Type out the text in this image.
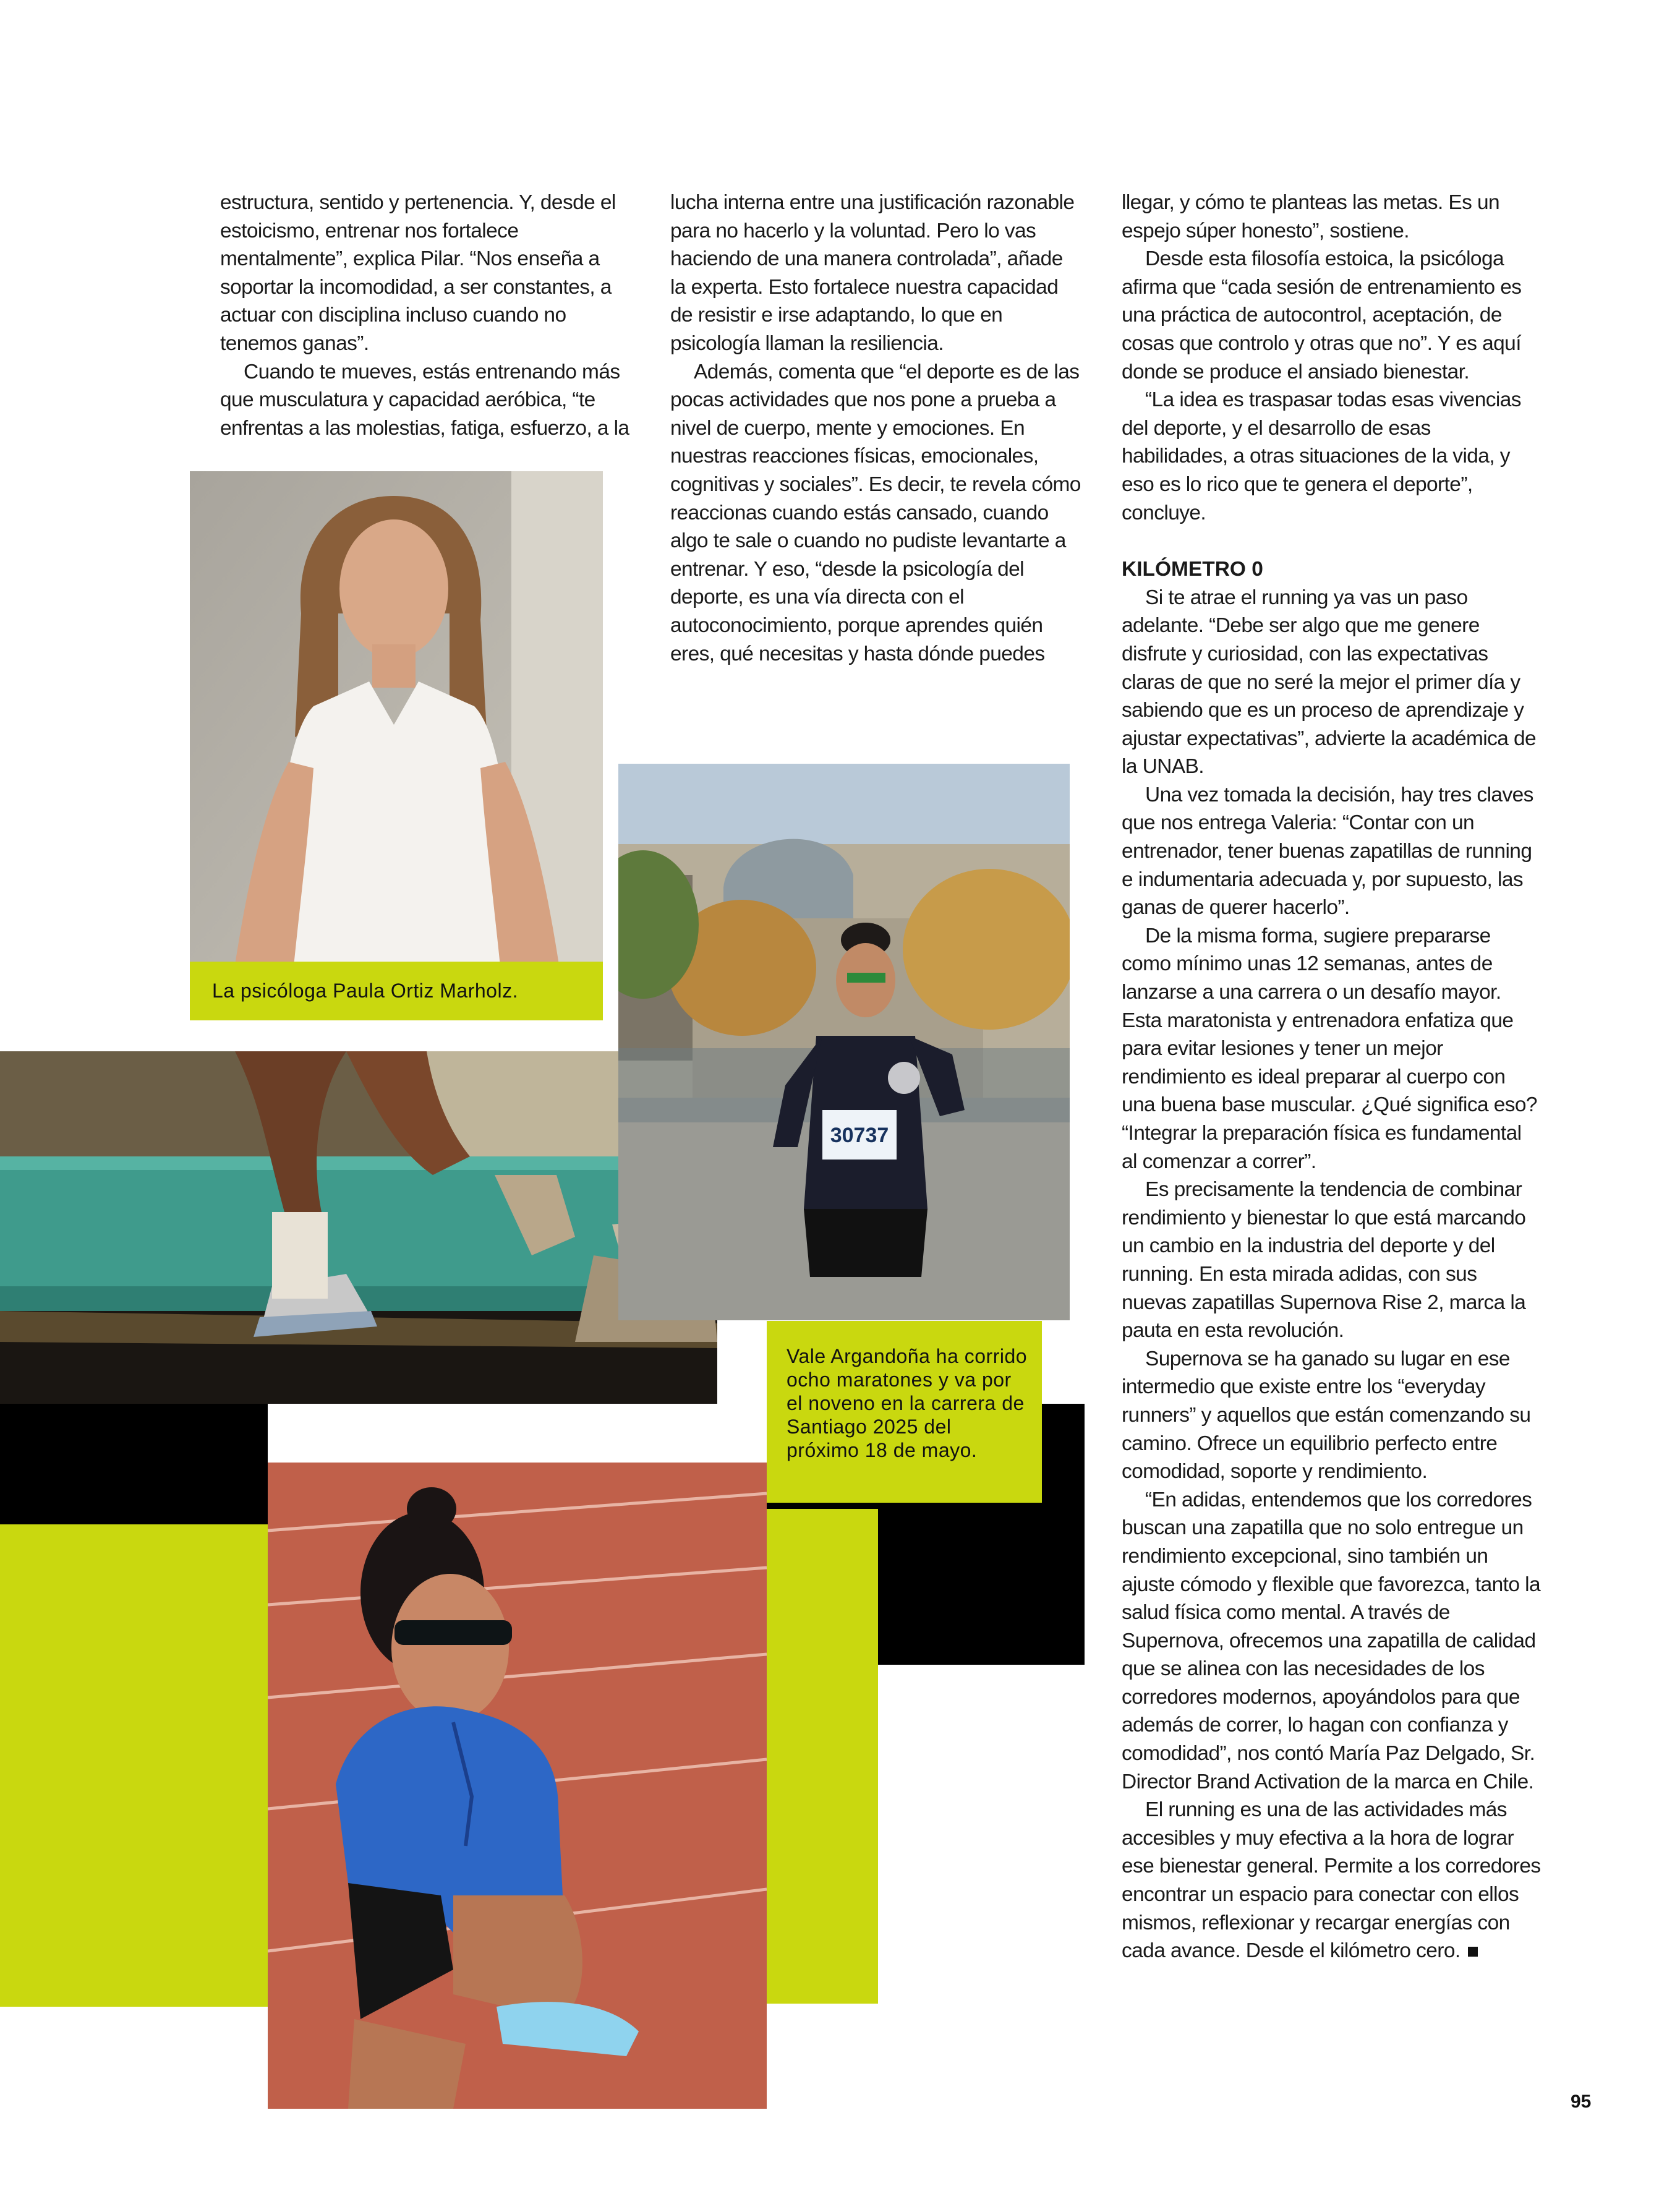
estructura, sentido y pertenencia. Y, desde el estoicismo, entrenar nos fortalece mentalmente”, explica Pilar. “Nos enseña a soportar la incomodidad, a ser constantes, a actuar con disciplina incluso cuando no tenemos ganas”.

Cuando te mueves, estás entrenando más que musculatura y capacidad aeróbica, “te enfrentas a las molestias, fatiga, esfuerzo, a la

lucha interna entre una justificación razonable para no hacerlo y la voluntad. Pero lo vas haciendo de una manera controlada”, añade la experta. Esto fortalece nuestra capacidad de resistir e irse adaptando, lo que en psicología llaman la resiliencia.

Además, comenta que “el deporte es de las pocas actividades que nos pone a prueba a nivel de cuerpo, mente y emociones. En nuestras reacciones físicas, emocionales, cognitivas y sociales”. Es decir, te revela cómo reaccionas cuando estás cansado, cuando algo te sale o cuando no pudiste levantarte a entrenar. Y eso, “desde la psicología del deporte, es una vía directa con el autoconocimiento, porque aprendes quién eres, qué necesitas y hasta dónde puedes

llegar, y cómo te planteas las metas. Es un espejo súper honesto”, sostiene.

Desde esta filosofía estoica, la psicóloga afirma que “cada sesión de entrenamiento es una práctica de autocontrol, aceptación, de cosas que controlo y otras que no”. Y es aquí donde se produce el ansiado bienestar.

“La idea es traspasar todas esas vivencias del deporte, y el desarrollo de esas habilidades, a otras situaciones de la vida, y eso es lo rico que te genera el deporte”, concluye.

KILÓMETRO 0

Si te atrae el running ya vas un paso adelante. “Debe ser algo que me genere disfrute y curiosidad, con las expectativas claras de que no seré la mejor el primer día y sabiendo que es un proceso de aprendizaje y ajustar expectativas”, advierte la académica de la UNAB.

Una vez tomada la decisión, hay tres claves que nos entrega Valeria: “Contar con un entrenador, tener buenas zapatillas de running e indumentaria adecuada y, por supuesto, las ganas de querer hacerlo”.

De la misma forma, sugiere prepararse como mínimo unas 12 semanas, antes de lanzarse a una carrera o un desafío mayor. Esta maratonista y entrenadora enfatiza que para evitar lesiones y tener un mejor rendimiento es ideal preparar al cuerpo con una buena base muscular. ¿Qué significa eso? “Integrar la preparación física es fundamental al comenzar a correr”.

Es precisamente la tendencia de combinar rendimiento y bienestar lo que está marcando un cambio en la industria del deporte y del running. En esta mirada adidas, con sus nuevas zapatillas Supernova Rise 2, marca la pauta en esta revolución.

Supernova se ha ganado su lugar en ese intermedio que existe entre los “everyday runners” y aquellos que están comenzando su camino. Ofrece un equilibrio perfecto entre comodidad, soporte y rendimiento.

“En adidas, entendemos que los corredores buscan una zapatilla que no solo entregue un rendimiento excepcional, sino también un ajuste cómodo y flexible que favorezca, tanto la salud física como mental. A través de Supernova, ofrecemos una zapatilla de calidad que se alinea con las necesidades de los corredores modernos, apoyándolos para que además de correr, lo hagan con confianza y comodidad”, nos contó María Paz Delgado, Sr. Director Brand Activation de la marca en Chile.

El running es una de las actividades más accesibles y muy efectiva a la hora de lograr ese bienestar general. Permite a los corredores encontrar un espacio para conectar con ellos mismos, reflexionar y recargar energías con cada avance. Desde el kilómetro cero.

La psicóloga Paula Ortiz Marholz.
30737
Vale Argandoña ha corrido ocho maratones y va por el noveno en la carrera de Santiago 2025 del próximo 18 de mayo.
95
